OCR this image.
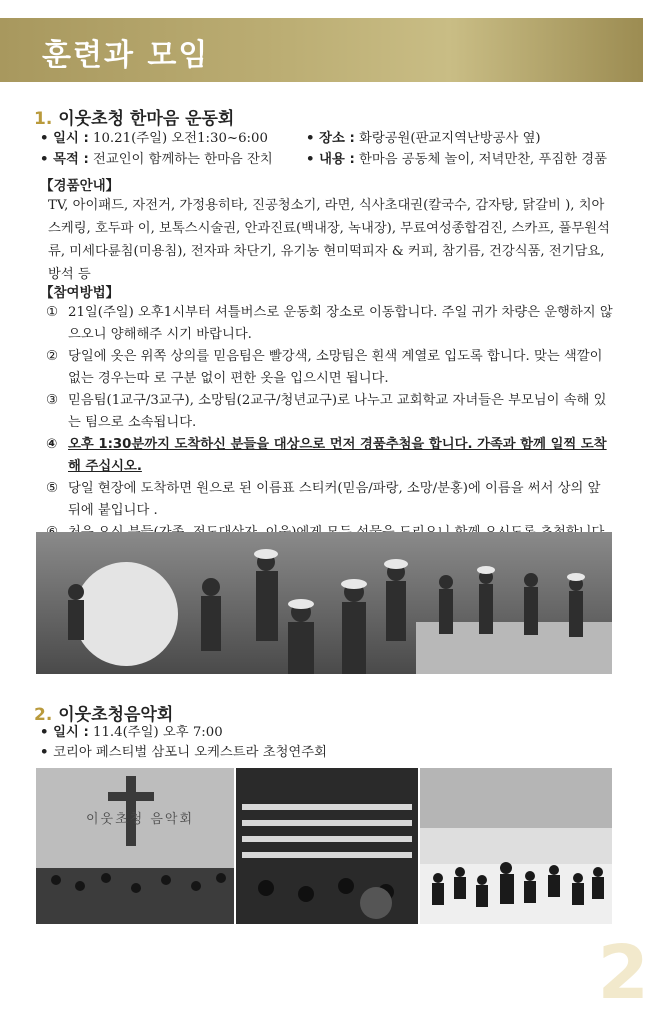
훈련과 모임
1. 이웃초청 한마음 운동회
• 일시 : 10.21(주일) 오전1:30~6:00	• 장소 : 화랑공원(판교지역난방공사 옆)
• 목적 : 전교인이 함께하는 한마음 잔치	• 내용 : 한마음 공동체 놀이, 저녁만찬, 푸짐한 경품
【경품안내】
TV, 아이패드, 자전거, 가정용히타, 진공청소기, 라면, 식사초대권(칼국수, 감자탕, 닭갈비 ), 치아스케링, 호두파 이, 보톡스시술권, 안과진료(백내장, 녹내장), 무료여성종합검진, 스카프, 풀무원석류, 미세다륜침(미용침), 전자파 차단기, 유기농 현미떡피자 & 커피, 참기름, 건강식품, 전기담요, 방석 등
【참여방법】
① 21일(주일) 오후1시부터 셔틀버스로 운동회 장소로 이동합니다. 주일 귀가 차량은 운행하지 않으오니 양해해주 시기 바랍니다.
② 당일에 옷은 위쪽 상의를 믿음팀은 빨강색, 소망팀은 흰색 계열로 입도록 합니다. 맞는 색깔이 없는 경우는따 로 구분 없이 편한 옷을 입으시면 됩니다.
③ 믿음팀(1교구/3교구), 소망팀(2교구/청년교구)로 나누고 교회학교 자녀들은 부모님이 속해 있는 팀으로 소속됩니다.
④ 오후 1:30분까지 도착하신 분들을 대상으로 먼저 경품추첨을 합니다. 가족과 함께 일찍 도착해 주십시오.
⑤ 당일 현장에 도착하면 원으로 된 이름표 스티커(믿음/파랑, 소망/분홍)에 이름을 써서 상의 앞 뒤에 붙입니다 .
2. 이웃초청음악회
• 일시 : 11.4(주일) 오후 7:00
• 코리아 페스티벌 삼포니 오케스트라 초청연주회
이웃초청 음악회
2
